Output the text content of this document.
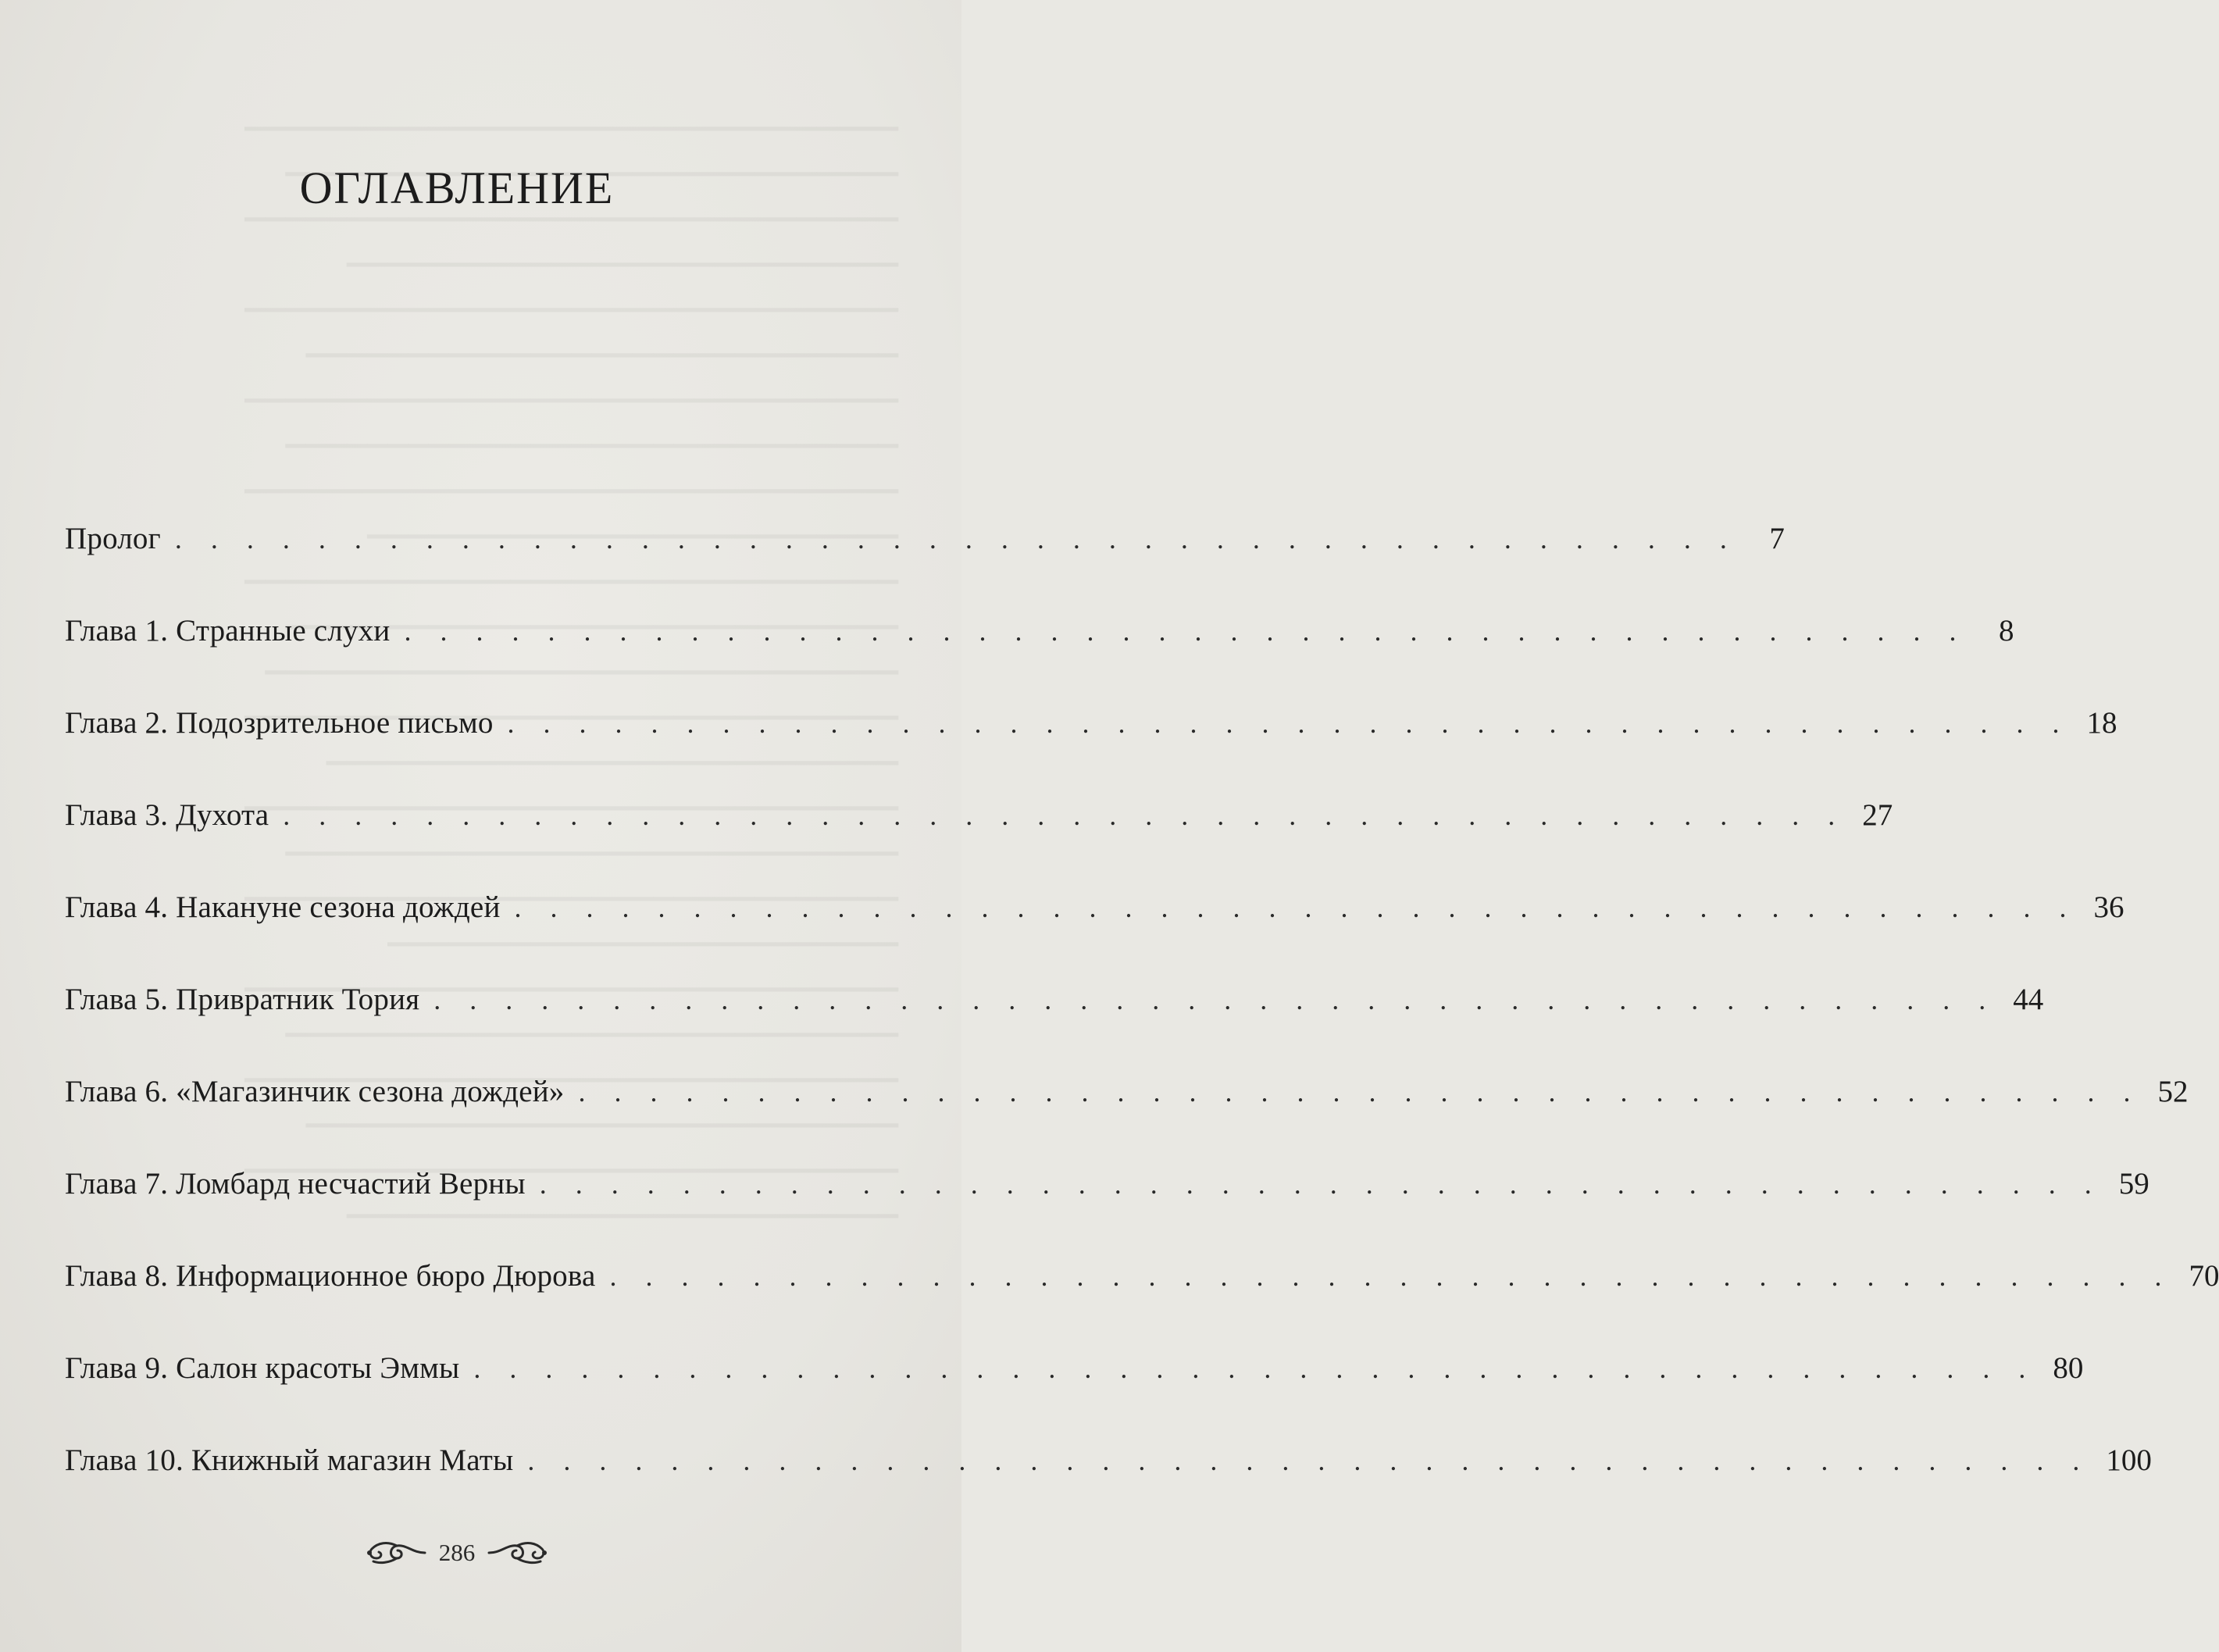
ОГЛАВЛЕНИЕ
Пролог . . . . . . . . . . . . . . . . . . . . . . . . . . . . . . . . . . . . . . . . . . . .	7
Глава 1. Странные слухи . . . . . . . . . . . . . . . . . . . . . . . . . . . . . . . . . . . . . . . . . . . .	8
Глава 2. Подозрительное письмо . . . . . . . . . . . . . . . . . . . . . . . . . . . . . . . . . . . . . . . . . . . . 18
Глава 3. Духота . . . . . . . . . . . . . . . . . . . . . . . . . . . . . . . . . . . . . . . . . . . . 27
Глава 4. Накануне сезона дождей . . . . . . . . . . . . . . . . . . . . . . . . . . . . . . . . . . . . . . . . . . . . 36
Глава 5. Привратник Тория . . . . . . . . . . . . . . . . . . . . . . . . . . . . . . . . . . . . . . . . . . . . 44
Глава 6. «Магазинчик сезона дождей» . . . . . . . . . . . . . . . . . . . . . . . . . . . . . . . . . . . . . . . . . . . . 52
Глава 7. Ломбард несчастий Верны . . . . . . . . . . . . . . . . . . . . . . . . . . . . . . . . . . . . . . . . . . . . 59
Глава 8. Информационное бюро Дюрова . . . . . . . . . . . . . . . . . . . . . . . . . . . . . . . . . . . . . . . . . . . . 70
Глава 9. Салон красоты Эммы . . . . . . . . . . . . . . . . . . . . . . . . . . . . . . . . . . . . . . . . . . . . 80
Глава 10. Книжный магазин Маты . . . . . . . . . . . . . . . . . . . . . . . . . . . . . . . . . . . . . . . . . . . . 100
286
